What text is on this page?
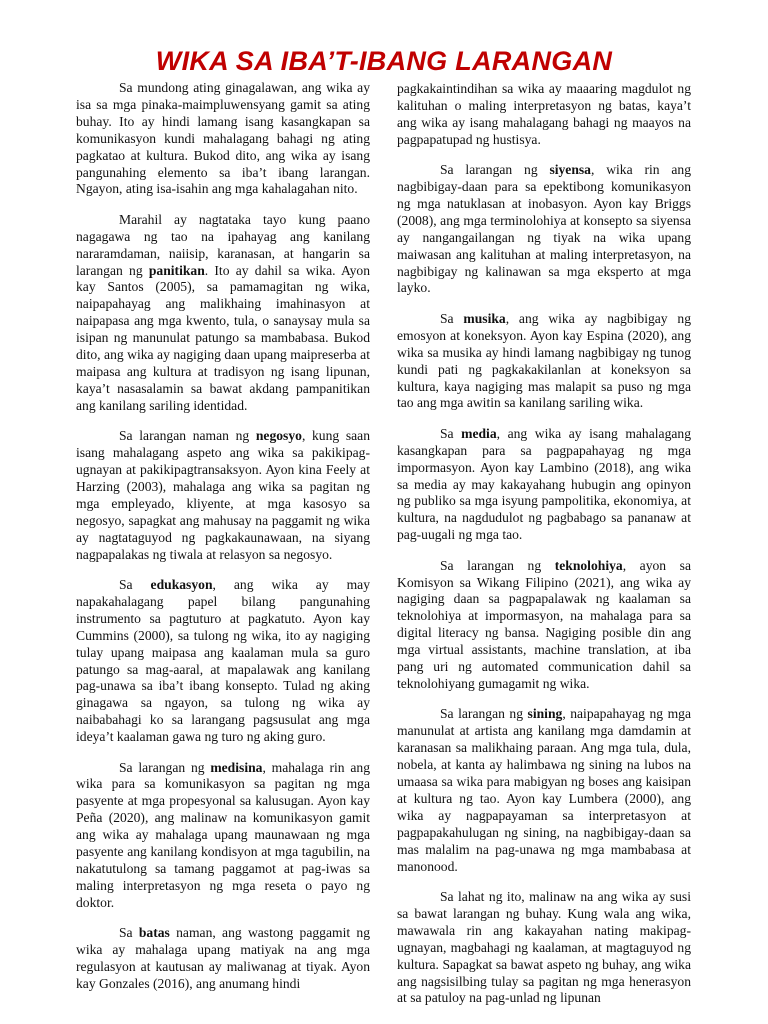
WIKA SA IBA’T-IBANG LARANGAN

Sa mundong ating ginagalawan, ang wika ay isa sa mga pinaka-maimpluwensyang gamit sa ating buhay. Ito ay hindi lamang isang kasangkapan sa komunikasyon kundi mahalagang bahagi ng ating pagkatao at kultura. Bukod dito, ang wika ay isang pangunahing elemento sa iba’t ibang larangan. Ngayon, ating isa-isahin ang mga kahalagahan nito.

Marahil ay nagtataka tayo kung paano nagagawa ng tao na ipahayag ang kanilang nararamdaman, naiisip, karanasan, at hangarin sa larangan ng panitikan. Ito ay dahil sa wika. Ayon kay Santos (2005), sa pamamagitan ng wika, naipapahayag ang malikhaing imahinasyon at naipapasa ang mga kwento, tula, o sanaysay mula sa isipan ng manunulat patungo sa mambabasa. Bukod dito, ang wika ay nagiging daan upang maipreserba at maipasa ang kultura at tradisyon ng isang lipunan, kaya’t nasasalamin sa bawat akdang pampanitikan ang kanilang sariling identidad.

Sa larangan naman ng negosyo, kung saan isang mahalagang aspeto ang wika sa pakikipag-ugnayan at pakikipagtransaksyon. Ayon kina Feely at Harzing (2003), mahalaga ang wika sa pagitan ng mga empleyado, kliyente, at mga kasosyo sa negosyo, sapagkat ang mahusay na paggamit ng wika ay nagtataguyod ng pagkakaunawaan, na siyang nagpapalakas ng tiwala at relasyon sa negosyo.

Sa edukasyon, ang wika ay may napakahalagang papel bilang pangunahing instrumento sa pagtuturo at pagkatuto. Ayon kay Cummins (2000), sa tulong ng wika, ito ay nagiging tulay upang maipasa ang kaalaman mula sa guro patungo sa mag-aaral, at mapalawak ang kanilang pag-unawa sa iba’t ibang konsepto. Tulad ng aking ginagawa sa ngayon, sa tulong ng wika ay naibabahagi ko sa larangang pagsusulat ang mga ideya’t kaalaman gawa ng turo ng aking guro.

Sa larangan ng medisina, mahalaga rin ang wika para sa komunikasyon sa pagitan ng mga pasyente at mga propesyonal sa kalusugan. Ayon kay Peña (2020), ang malinaw na komunikasyon gamit ang wika ay mahalaga upang maunawaan ng mga pasyente ang kanilang kondisyon at mga tagubilin, na nakatutulong sa tamang paggamot at pag-iwas sa maling interpretasyon ng mga reseta o payo ng doktor.

Sa batas naman, ang wastong paggamit ng wika ay mahalaga upang matiyak na ang mga regulasyon at kautusan ay maliwanag at tiyak. Ayon kay Gonzales (2016), ang anumang hindi

pagkakaintindihan sa wika ay maaaring magdulot ng kalituhan o maling interpretasyon ng batas, kaya’t ang wika ay isang mahalagang bahagi ng maayos na pagpapatupad ng hustisya.

Sa larangan ng siyensa, wika rin ang nagbibigay-daan para sa epektibong komunikasyon ng mga natuklasan at inobasyon. Ayon kay Briggs (2008), ang mga terminolohiya at konsepto sa siyensa ay nangangailangan ng tiyak na wika upang maiwasan ang kalituhan at maling interpretasyon, na nagbibigay ng kalinawan sa mga eksperto at mga layko.

Sa musika, ang wika ay nagbibigay ng emosyon at koneksyon. Ayon kay Espina (2020), ang wika sa musika ay hindi lamang nagbibigay ng tunog kundi pati ng pagkakakilanlan at koneksyon sa kultura, kaya nagiging mas malapit sa puso ng mga tao ang mga awitin sa kanilang sariling wika.

Sa media, ang wika ay isang mahalagang kasangkapan para sa pagpapahayag ng mga impormasyon. Ayon kay Lambino (2018), ang wika sa media ay may kakayahang hubugin ang opinyon ng publiko sa mga isyung pampolitika, ekonomiya, at kultura, na nagdudulot ng pagbabago sa pananaw at pag-uugali ng mga tao.

Sa larangan ng teknolohiya, ayon sa Komisyon sa Wikang Filipino (2021), ang wika ay nagiging daan sa pagpapalawak ng kaalaman sa teknolohiya at impormasyon, na mahalaga para sa digital literacy ng bansa. Nagiging posible din ang mga virtual assistants, machine translation, at iba pang uri ng automated communication dahil sa teknolohiyang gumagamit ng wika.

Sa larangan ng sining, naipapahayag ng mga manunulat at artista ang kanilang mga damdamin at karanasan sa malikhaing paraan. Ang mga tula, dula, nobela, at kanta ay halimbawa ng sining na lubos na umaasa sa wika para mabigyan ng boses ang kaisipan at kultura ng tao. Ayon kay Lumbera (2000), ang wika ay nagpapayaman sa interpretasyon at pagpapakahulugan ng sining, na nagbibigay-daan sa mas malalim na pag-unawa ng mga mambabasa at manonood.

Sa lahat ng ito, malinaw na ang wika ay susi sa bawat larangan ng buhay. Kung wala ang wika, mawawala rin ang kakayahan nating makipag-ugnayan, magbahagi ng kaalaman, at magtaguyod ng kultura. Sapagkat sa bawat aspeto ng buhay, ang wika ang nagsisilbing tulay sa pagitan ng mga henerasyon at sa patuloy na pag-unlad ng lipunan
